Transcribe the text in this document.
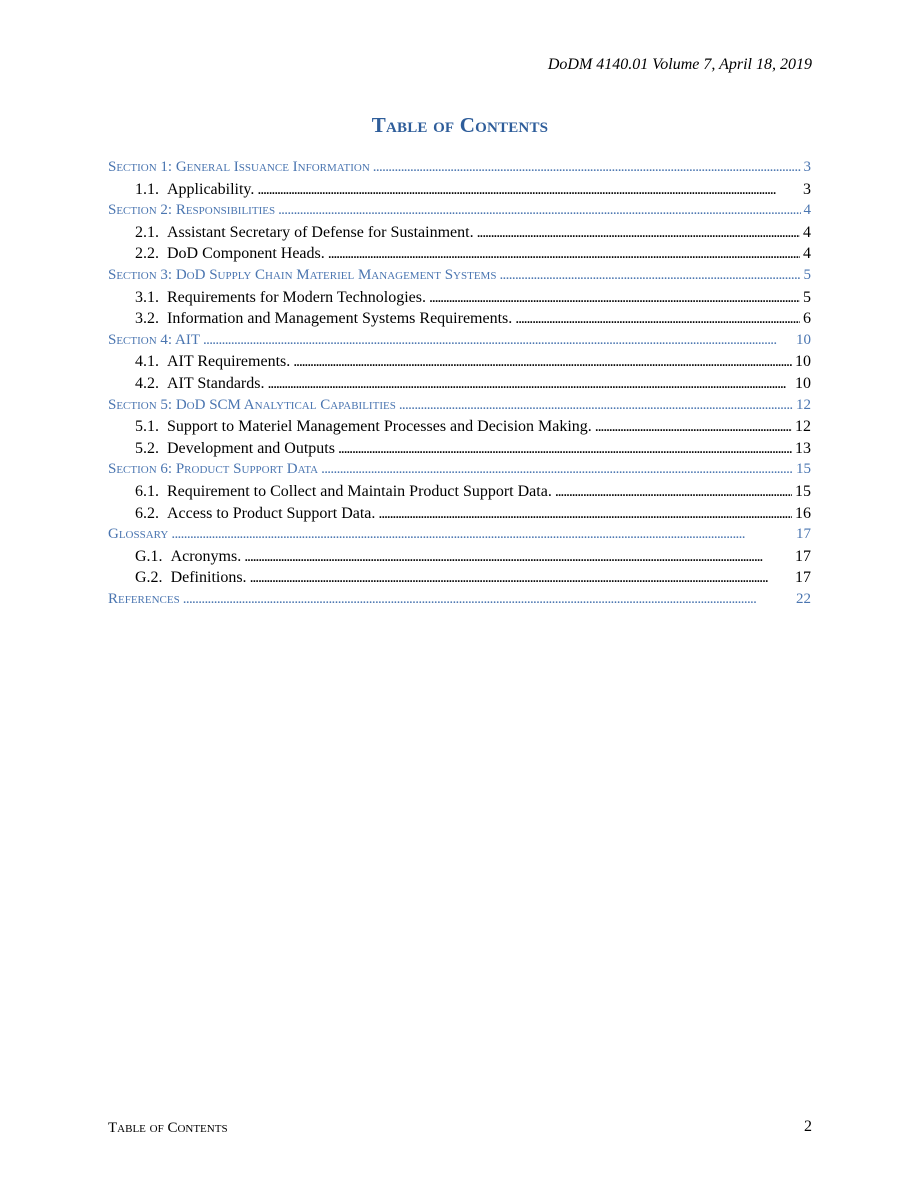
DoDM 4140.01 Volume 7, April 18, 2019
Table of Contents
Section 1: General Issuance Information . . .	3
1.1. Applicability. . . .	3
Section 2: Responsibilities . . .	4
2.1. Assistant Secretary of Defense for Sustainment. . . .	4
2.2. DoD Component Heads. . . .	4
Section 3: DoD Supply Chain Materiel Management Systems . . .	5
3.1. Requirements for Modern Technologies. . . .	5
3.2. Information and Management Systems Requirements. . . .	6
Section 4: AIT . . .	10
4.1. AIT Requirements. . . .	10
4.2. AIT Standards. . . .	10
Section 5: DoD SCM Analytical Capabilities . . .	12
5.1. Support to Materiel Management Processes and Decision Making. . . .	12
5.2. Development and Outputs . . .	13
Section 6: Product Support Data . . .	15
6.1. Requirement to Collect and Maintain Product Support Data. . . .	15
6.2. Access to Product Support Data. . . .	16
Glossary . . .	17
G.1. Acronyms. . . .	17
G.2. Definitions. . . .	17
References . . .	22
Table of Contents	2
